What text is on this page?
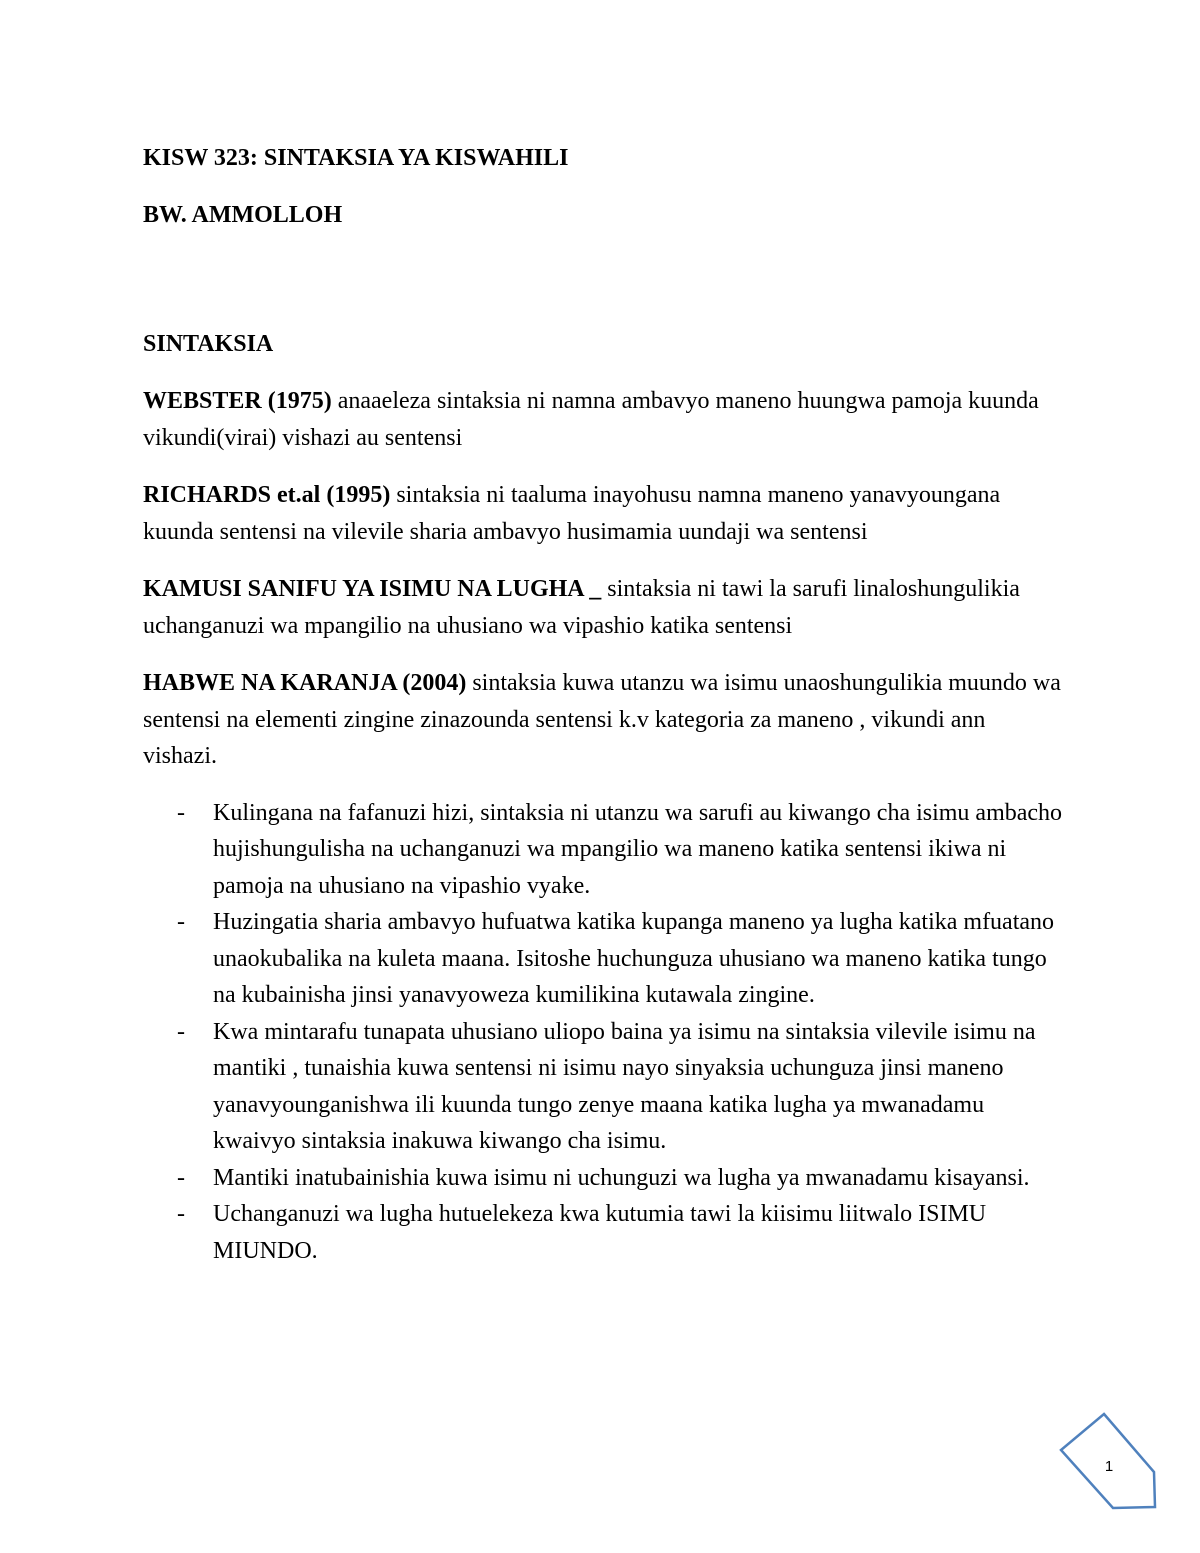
KISW 323: SINTAKSIA YA KISWAHILI

BW. AMMOLLOH

SINTAKSIA

WEBSTER (1975) anaaeleza sintaksia ni namna ambavyo maneno huungwa pamoja kuunda vikundi(virai) vishazi au sentensi

RICHARDS et.al (1995) sintaksia ni taaluma inayohusu namna maneno yanavyoungana kuunda sentensi na vilevile sharia ambavyo husimamia uundaji wa sentensi

KAMUSI SANIFU YA ISIMU NA LUGHA _ sintaksia ni tawi la sarufi linaloshungulikia uchanganuzi wa mpangilio na uhusiano wa vipashio katika sentensi

HABWE NA KARANJA (2004) sintaksia kuwa utanzu wa isimu unaoshungulikia muundo wa sentensi na elementi zingine zinazounda sentensi k.v kategoria za maneno , vikundi ann vishazi.

- Kulingana na fafanuzi hizi, sintaksia ni utanzu wa sarufi au kiwango cha isimu ambacho hujishungulisha na uchanganuzi wa mpangilio wa maneno katika sentensi ikiwa ni pamoja na uhusiano na vipashio vyake.
- Huzingatia sharia ambavyo hufuatwa katika kupanga maneno ya lugha katika mfuatano unaokubalika na kuleta maana. Isitoshe huchunguza uhusiano wa maneno katika tungo na kubainisha jinsi yanavyoweza kumilikina kutawala zingine.
- Kwa mintarafu tunapata uhusiano uliopo baina ya isimu na sintaksia vilevile isimu na mantiki , tunaishia kuwa sentensi ni isimu nayo sinyaksia uchunguza jinsi maneno yanavyounganishwa ili kuunda tungo zenye maana katika lugha ya mwanadamu kwaivyo sintaksia inakuwa kiwango cha isimu.
- Mantiki inatubainishia kuwa isimu ni uchunguzi wa lugha ya mwanadamu kisayansi.
- Uchanganuzi wa lugha hutuelekeza kwa kutumia tawi la kiisimu liitwalo ISIMU MIUNDO.
1
